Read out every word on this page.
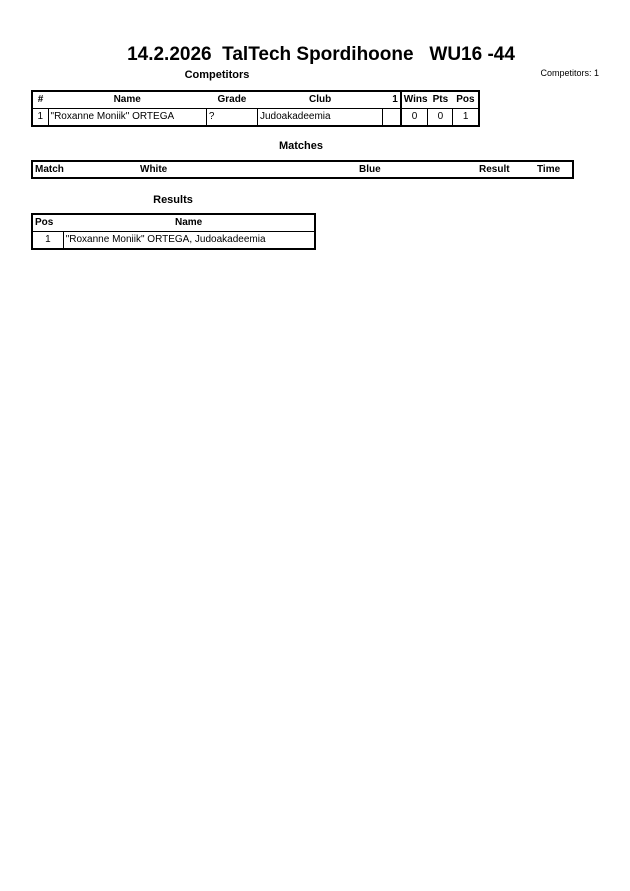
14.2.2026  TalTech Spordihoone   WU16 -44
Competitors: 1
Competitors
#	Name	Grade	Club	1	Wins	Pts	Pos
1	"Roxanne Moniik" ORTEGA	?	Judoakadeemia		0	0	1
Matches
Match	White	Blue	Result	Time
Results
Pos	Name
1	"Roxanne Moniik" ORTEGA, Judoakadeemia
